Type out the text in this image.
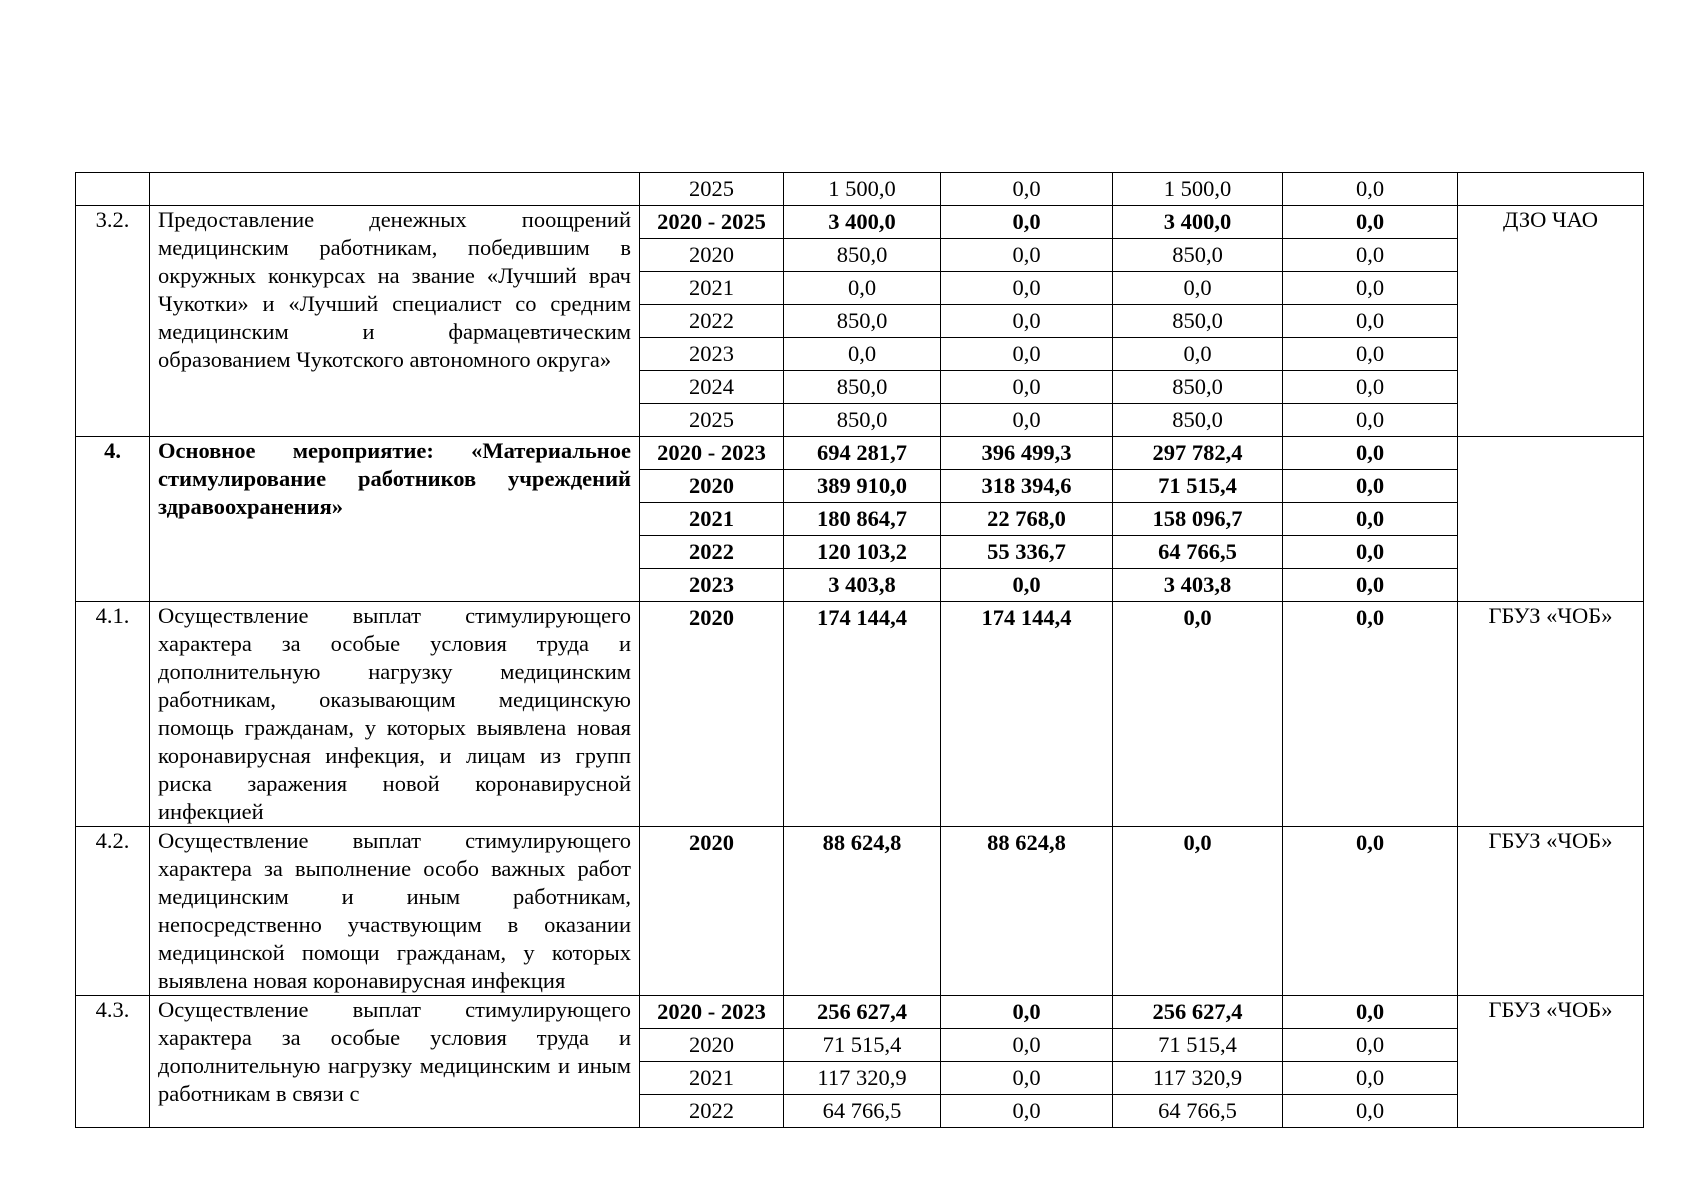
		2025	1 500,0	0,0	1 500,0	0,0	
3.2.	Предоставление денежных поощрений медицинским работникам, победившим в окружных конкурсах на звание «Лучший врач Чукотки» и «Лучший специалист со средним медицинским и фармацевтическим образованием Чукотского автономного округа»	2020 - 2025	3 400,0	0,0	3 400,0	0,0	ДЗО ЧАО
		2020	850,0	0,0	850,0	0,0	
		2021	0,0	0,0	0,0	0,0	
		2022	850,0	0,0	850,0	0,0	
		2023	0,0	0,0	0,0	0,0	
		2024	850,0	0,0	850,0	0,0	
		2025	850,0	0,0	850,0	0,0	
4.	Основное мероприятие: «Материальное стимулирование работников учреждений здравоохранения»	2020 - 2023	694 281,7	396 499,3	297 782,4	0,0	
		2020	389 910,0	318 394,6	71 515,4	0,0	
		2021	180 864,7	22 768,0	158 096,7	0,0	
		2022	120 103,2	55 336,7	64 766,5	0,0	
		2023	3 403,8	0,0	3 403,8	0,0	
4.1.	Осуществление выплат стимулирующего характера за особые условия труда и дополнительную нагрузку медицинским работникам, оказывающим медицинскую помощь гражданам, у которых выявлена новая коронавирусная инфекция, и лицам из групп риска заражения новой коронавирусной инфекцией	2020	174 144,4	174 144,4	0,0	0,0	ГБУЗ «ЧОБ»
4.2.	Осуществление выплат стимулирующего характера за выполнение особо важных работ медицинским и иным работникам, непосредственно участвующим в оказании медицинской помощи гражданам, у которых выявлена новая коронавирусная инфекция	2020	88 624,8	88 624,8	0,0	0,0	ГБУЗ «ЧОБ»
4.3.	Осуществление выплат стимулирующего характера за особые условия труда и дополнительную нагрузку медицинским и иным работникам в связи с	2020 - 2023	256 627,4	0,0	256 627,4	0,0	ГБУЗ «ЧОБ»
		2020	71 515,4	0,0	71 515,4	0,0	
		2021	117 320,9	0,0	117 320,9	0,0	
		2022	64 766,5	0,0	64 766,5	0,0	
